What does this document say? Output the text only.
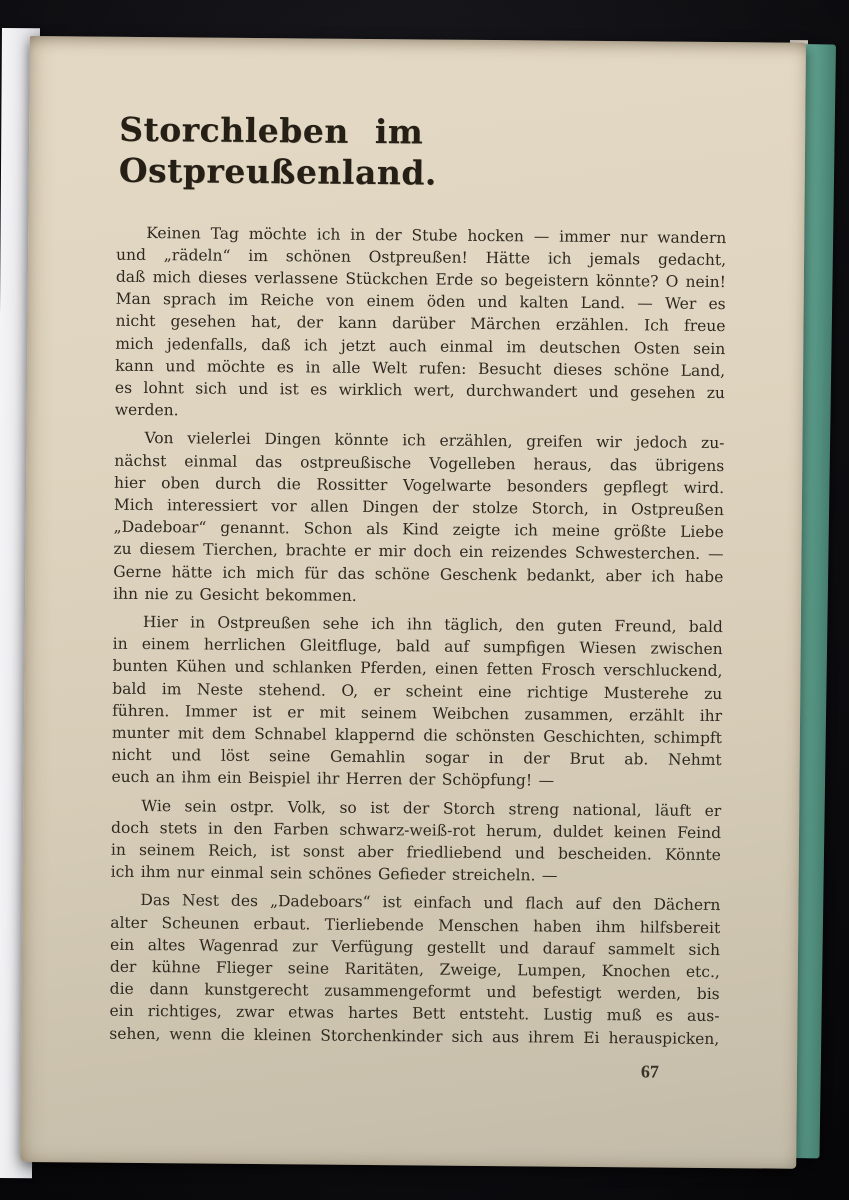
Storchleben im Ostpreußenland.
Keinen Tag möchte ich in der Stube hocken — immer nur wandern
und „rädeln“ im schönen Ostpreußen! Hätte ich jemals gedacht,
daß mich dieses verlassene Stückchen Erde so begeistern könnte? O nein!
Man sprach im Reiche von einem öden und kalten Land. — Wer es
nicht gesehen hat, der kann darüber Märchen erzählen. Ich freue
mich jedenfalls, daß ich jetzt auch einmal im deutschen Osten sein
kann und möchte es in alle Welt rufen: Besucht dieses schöne Land,
es lohnt sich und ist es wirklich wert, durchwandert und gesehen zu
werden.
Von vielerlei Dingen könnte ich erzählen, greifen wir jedoch zu-
nächst einmal das ostpreußische Vogelleben heraus, das übrigens
hier oben durch die Rossitter Vogelwarte besonders gepflegt wird.
Mich interessiert vor allen Dingen der stolze Storch, in Ostpreußen
„Dadeboar“ genannt. Schon als Kind zeigte ich meine größte Liebe
zu diesem Tierchen, brachte er mir doch ein reizendes Schwesterchen. —
Gerne hätte ich mich für das schöne Geschenk bedankt, aber ich habe
ihn nie zu Gesicht bekommen.
Hier in Ostpreußen sehe ich ihn täglich, den guten Freund, bald
in einem herrlichen Gleitfluge, bald auf sumpfigen Wiesen zwischen
bunten Kühen und schlanken Pferden, einen fetten Frosch verschluckend,
bald im Neste stehend. O, er scheint eine richtige Musterehe zu
führen. Immer ist er mit seinem Weibchen zusammen, erzählt ihr
munter mit dem Schnabel klappernd die schönsten Geschichten, schimpft
nicht und löst seine Gemahlin sogar in der Brut ab. Nehmt
euch an ihm ein Beispiel ihr Herren der Schöpfung! —
Wie sein ostpr. Volk, so ist der Storch streng national, läuft er
doch stets in den Farben schwarz-weiß-rot herum, duldet keinen Feind
in seinem Reich, ist sonst aber friedliebend und bescheiden. Könnte
ich ihm nur einmal sein schönes Gefieder streicheln. —
Das Nest des „Dadeboars“ ist einfach und flach auf den Dächern
alter Scheunen erbaut. Tierliebende Menschen haben ihm hilfsbereit
ein altes Wagenrad zur Verfügung gestellt und darauf sammelt sich
der kühne Flieger seine Raritäten, Zweige, Lumpen, Knochen etc.,
die dann kunstgerecht zusammengeformt und befestigt werden, bis
ein richtiges, zwar etwas hartes Bett entsteht. Lustig muß es aus-
sehen, wenn die kleinen Storchenkinder sich aus ihrem Ei herauspicken,
67
